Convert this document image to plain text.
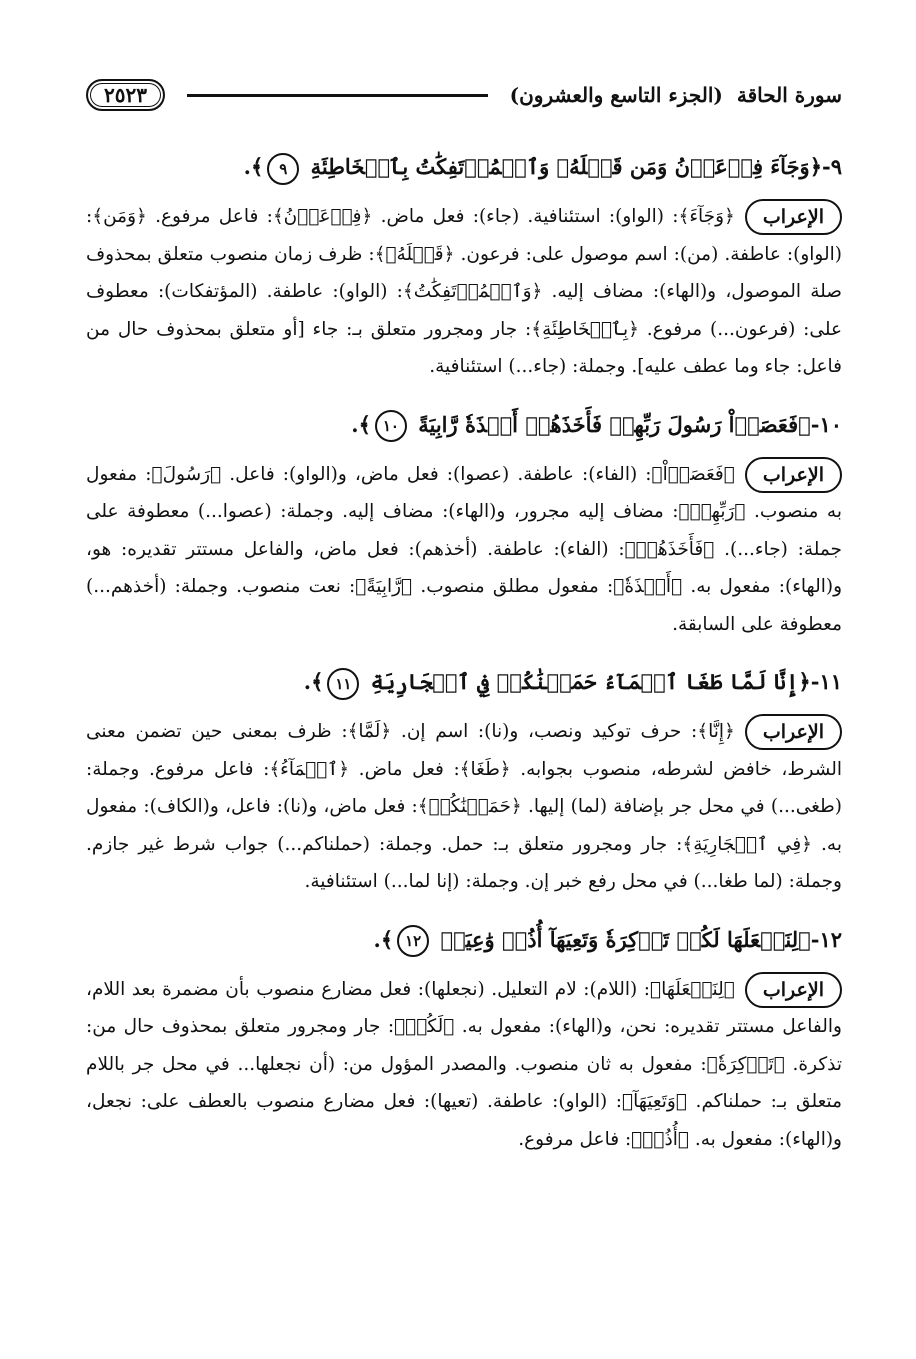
سورة الحاقة
(الجزء التاسع والعشرون)
٢٥٢٣
٩-﴿وَجَآءَ فِرۡعَوۡنُ وَمَن قَبۡلَهُۥ وَٱلۡمُؤۡتَفِكَٰتُ بِٱلۡخَاطِئَةِ ٩﴾.
الإعراب﴿وَجَآءَ﴾: (الواو): استئنافية. (جاء): فعل ماض. ﴿فِرۡعَوۡنُ﴾: فاعل مرفوع. ﴿وَمَن﴾: (الواو): عاطفة. (من): اسم موصول على: فرعون. ﴿قَبۡلَهُۥ﴾: ظرف زمان منصوب متعلق بمحذوف صلة الموصول، و(الهاء): مضاف إليه. ﴿وَٱلۡمُؤۡتَفِكَٰتُ﴾: (الواو): عاطفة. (المؤتفكات): معطوف على: (فرعون...) مرفوع. ﴿بِٱلۡخَاطِئَةِ﴾: جار ومجرور متعلق بـ: جاء [أو متعلق بمحذوف حال من فاعل: جاء وما عطف عليه]. وجملة: (جاء...) استئنافية.
١٠-﴿فَعَصَوۡاْ رَسُولَ رَبِّهِمۡ فَأَخَذَهُمۡ أَخۡذَةٗ رَّابِيَةً ١٠﴾.
الإعراب﴿فَعَصَوۡاْ﴾: (الفاء): عاطفة. (عصوا): فعل ماض، و(الواو): فاعل. ﴿رَسُولَ﴾: مفعول به منصوب. ﴿رَبِّهِمۡ﴾: مضاف إليه مجرور، و(الهاء): مضاف إليه. وجملة: (عصوا...) معطوفة على جملة: (جاء...). ﴿فَأَخَذَهُمۡ﴾: (الفاء): عاطفة. (أخذهم): فعل ماض، والفاعل مستتر تقديره: هو، و(الهاء): مفعول به. ﴿أَخۡذَةٗ﴾: مفعول مطلق منصوب. ﴿رَّابِيَةً﴾: نعت منصوب. وجملة: (أخذهم...) معطوفة على السابقة.
١١-﴿إِنَّا لَمَّا طَغَا ٱلۡمَآءُ حَمَلۡنَٰكُمۡ فِي ٱلۡجَارِيَةِ ١١﴾.
الإعراب﴿إِنَّا﴾: حرف توكيد ونصب، و(نا): اسم إن. ﴿لَمَّا﴾: ظرف بمعنى حين تضمن معنى الشرط، خافض لشرطه، منصوب بجوابه. ﴿طَغَا﴾: فعل ماض. ﴿ٱلۡمَآءُ﴾: فاعل مرفوع. وجملة: (طغى...) في محل جر بإضافة (لما) إليها. ﴿حَمَلۡنَٰكُمۡ﴾: فعل ماض، و(نا): فاعل، و(الكاف): مفعول به. ﴿فِي ٱلۡجَارِيَةِ﴾: جار ومجرور متعلق بـ: حمل. وجملة: (حملناكم...) جواب شرط غير جازم. وجملة: (لما طغا...) في محل رفع خبر إن. وجملة: (إنا لما...) استئنافية.
١٢-﴿لِنَجۡعَلَهَا لَكُمۡ تَذۡكِرَةٗ وَتَعِيَهَآ أُذُنٞ وَٰعِيَةٞ ١٢﴾.
الإعراب﴿لِنَجۡعَلَهَا﴾: (اللام): لام التعليل. (نجعلها): فعل مضارع منصوب بأن مضمرة بعد اللام، والفاعل مستتر تقديره: نحن، و(الهاء): مفعول به. ﴿لَكُمۡ﴾: جار ومجرور متعلق بمحذوف حال من: تذكرة. ﴿تَذۡكِرَةٗ﴾: مفعول به ثان منصوب. والمصدر المؤول من: (أن نجعلها... في محل جر باللام متعلق بـ: حملناكم. ﴿وَتَعِيَهَآ﴾: (الواو): عاطفة. (تعيها): فعل مضارع منصوب بالعطف على: نجعل، و(الهاء): مفعول به. ﴿أُذُنٞ﴾: فاعل مرفوع.
